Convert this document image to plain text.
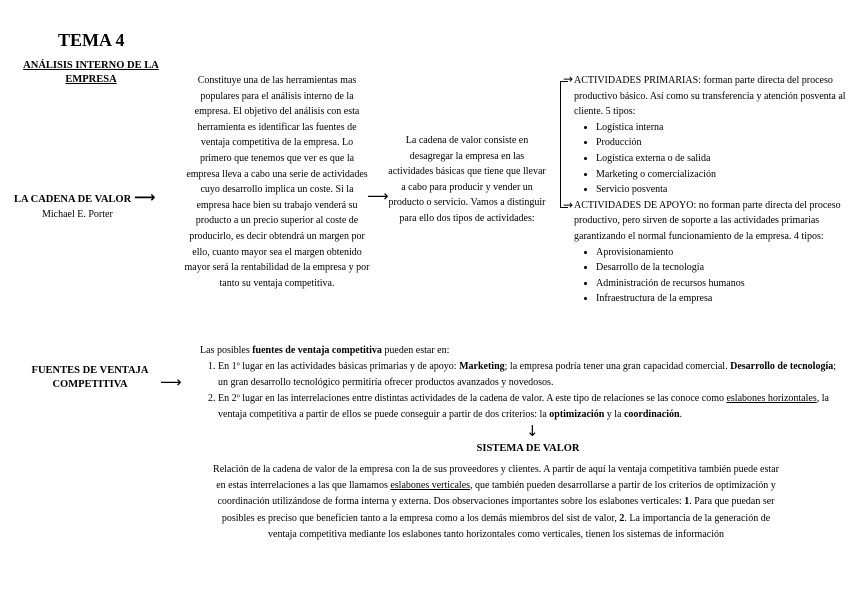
TEMA 4
ANÁLISIS INTERNO DE LA EMPRESA
LA CADENA DE VALOR ⟶
Michael E. Porter
Constituye una de las herramientas mas populares para el análisis interno de la empresa. El objetivo del análisis con esta herramienta es identificar las fuentes de ventaja competitiva de la empresa. Lo primero que tenemos que ver es que la empresa lleva a cabo una serie de actividades cuyo desarrollo implica un coste. Si la empresa hace bien su trabajo venderá su producto a un precio superior al coste de producirlo, es decir obtendrá un margen por ello, cuanto mayor sea el margen obtenido mayor será la rentabilidad de la empresa y por tanto su ventaja competitiva.
⟶
La cadena de valor consiste en desagregar la empresa en las actividades básicas que tiene que llevar a cabo para producir y vender un producto o servicio. Vamos a distinguir para ello dos tipos de actividades:
→
→
ACTIVIDADES PRIMARIAS: forman parte directa del proceso productivo básico. Así como su transferencia y atención posventa al cliente. 5 tipos:
• Logística interna
• Producción
• Logística externa o de salida
• Marketing o comercialización
• Servicio posventa
ACTIVIDADES DE APOYO: no forman parte directa del proceso productivo, pero sirven de soporte a las actividades primarias garantizando el normal funcionamiento de la empresa. 4 tipos:
• Aprovisionamiento
• Desarrollo de la tecnología
• Administración de recursos humanos
• Infraestructura de la empresa
FUENTES DE VENTAJA COMPETITIVA	⟶
Las posibles fuentes de ventaja competitiva pueden estar en:
1. En 1º lugar en las actividades básicas primarias y de apoyo: Marketing; la empresa podría tener una gran capacidad comercial. Desarrollo de tecnología; un gran desarrollo tecnológico permitiría ofrecer productos avanzados y novedosos.
2. En 2º lugar en las interrelaciones entre distintas actividades de la cadena de valor. A este tipo de relaciones se las conoce como eslabones horizontales, la ventaja competitiva a partir de ellos se puede conseguir a partir de dos criterios: la optimización y la coordinación.
↓
SISTEMA DE VALOR
Relación de la cadena de valor de la empresa con la de sus proveedores y clientes. A partir de aquí la ventaja competitiva también puede estar en estas interrelaciones a las que llamamos eslabones verticales, que también pueden desarrollarse a partir de los criterios de optimización y coordinación utilizándose de forma interna y externa. Dos observaciones importantes sobre los eslabones verticales: 1. Para que puedan ser posibles es preciso que beneficien tanto a la empresa como a los demás miembros del sist de valor, 2. La importancia de la generación de ventaja competitiva mediante los eslabones tanto horizontales como verticales, tienen los sistemas de información
